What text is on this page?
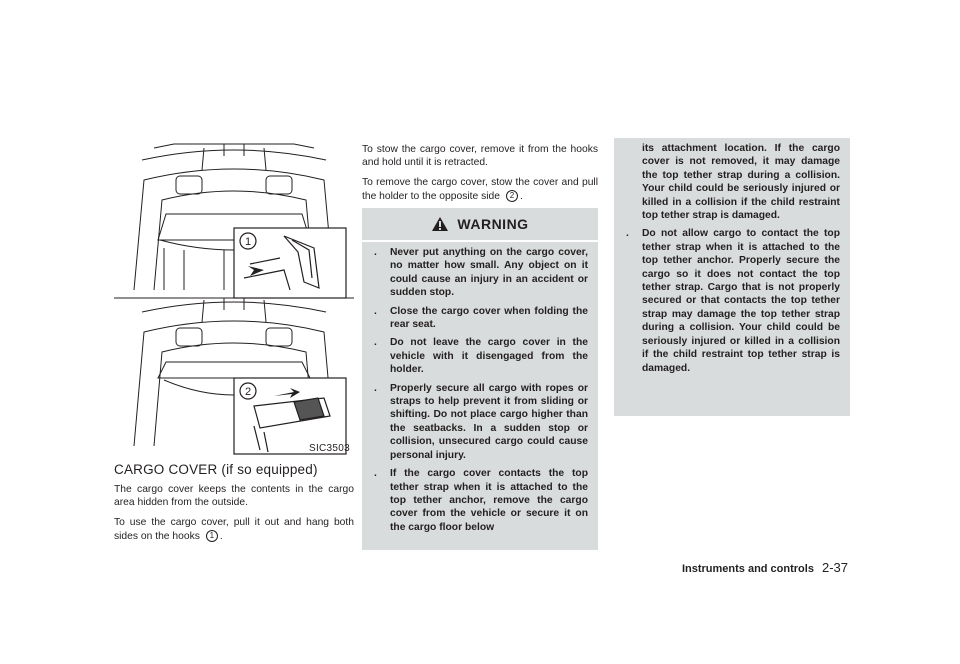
1
2
SIC3503
CARGO COVER (if so equipped)

The cargo cover keeps the contents in the cargo area hidden from the outside.

To use the cargo cover, pull it out and hang both sides on the hooks 1 .

To stow the cargo cover, remove it from the hooks and hold until it is retracted.

To remove the cargo cover, stow the cover and pull the holder to the opposite side 2 .

WARNING
. Never put anything on the cargo cover, no matter how small. Any object on it could cause an injury in an accident or sudden stop.
. Close the cargo cover when folding the rear seat.
. Do not leave the cargo cover in the vehicle with it disengaged from the holder.
. Properly secure all cargo with ropes or straps to help prevent it from sliding or shifting. Do not place cargo higher than the seatbacks. In a sudden stop or collision, unsecured cargo could cause personal injury.
. If the cargo cover contacts the top tether strap when it is attached to the top tether anchor, remove the cargo cover from the vehicle or secure it on the cargo floor below
its attachment location. If the cargo cover is not removed, it may damage the top tether strap during a collision. Your child could be seriously injured or killed in a collision if the child restraint top tether strap is damaged.
. Do not allow cargo to contact the top tether strap when it is attached to the top tether anchor. Properly secure the cargo so it does not contact the top tether strap. Cargo that is not properly secured or that contacts the top tether strap may damage the top tether strap during a collision. Your child could be seriously injured or killed in a collision if the child restraint top tether strap is damaged.
Instruments and controls 2-37
